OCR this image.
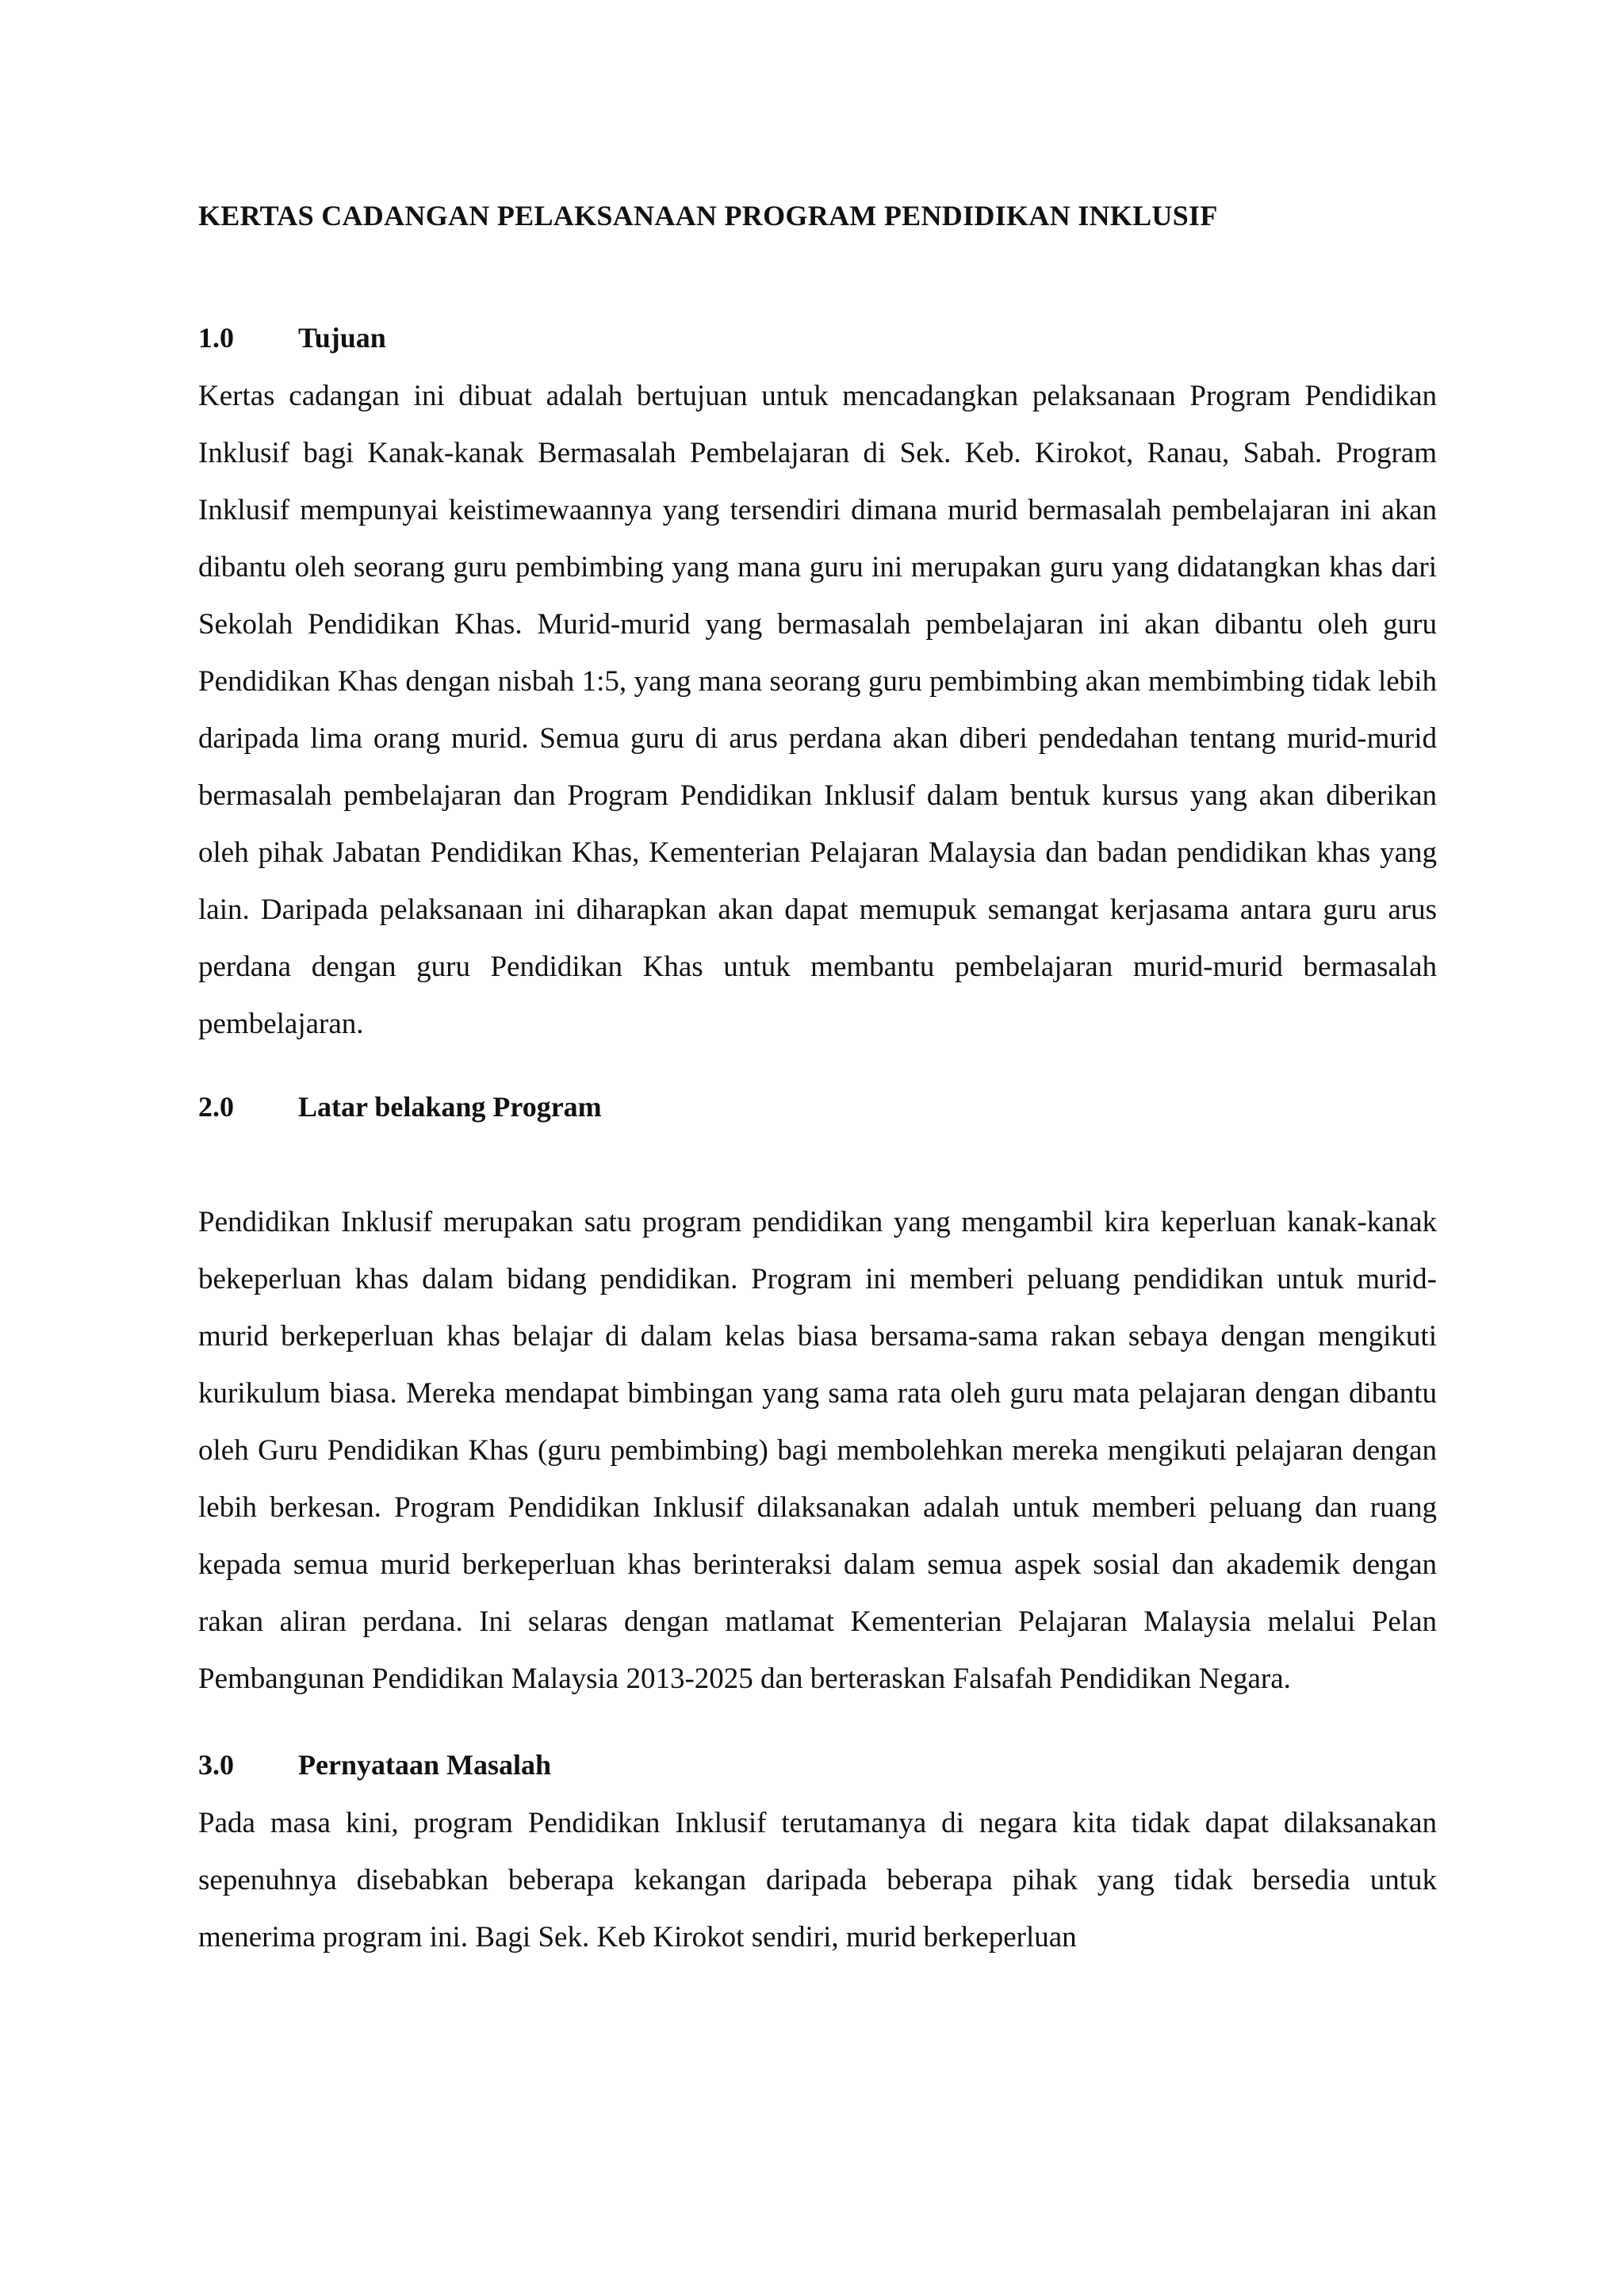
KERTAS CADANGAN PELAKSANAAN PROGRAM PENDIDIKAN INKLUSIF
1.0	Tujuan

Kertas cadangan ini dibuat adalah bertujuan untuk mencadangkan pelaksanaan Program Pendidikan Inklusif bagi Kanak-kanak Bermasalah Pembelajaran di Sek. Keb. Kirokot, Ranau, Sabah. Program Inklusif mempunyai keistimewaannya yang tersendiri dimana murid bermasalah pembelajaran ini akan dibantu oleh seorang guru pembimbing yang mana guru ini merupakan guru yang didatangkan khas dari Sekolah Pendidikan Khas. Murid-murid yang bermasalah pembelajaran ini akan dibantu oleh guru Pendidikan Khas dengan nisbah 1:5, yang mana seorang guru pembimbing akan membimbing tidak lebih daripada lima orang murid. Semua guru di arus perdana akan diberi pendedahan tentang murid-murid bermasalah pembelajaran dan Program Pendidikan Inklusif dalam bentuk kursus yang akan diberikan oleh pihak Jabatan Pendidikan Khas, Kementerian Pelajaran Malaysia dan badan pendidikan khas yang lain. Daripada pelaksanaan ini diharapkan akan dapat memupuk semangat kerjasama antara guru arus perdana dengan guru Pendidikan Khas untuk membantu pembelajaran murid-murid bermasalah pembelajaran.

2.0	Latar belakang Program

Pendidikan Inklusif merupakan satu program pendidikan yang mengambil kira keperluan kanak-kanak bekeperluan khas dalam bidang pendidikan. Program ini memberi peluang pendidikan untuk murid-murid berkeperluan khas belajar di dalam kelas biasa bersama-sama rakan sebaya dengan mengikuti kurikulum biasa. Mereka mendapat bimbingan yang sama rata oleh guru mata pelajaran dengan dibantu oleh Guru Pendidikan Khas (guru pembimbing) bagi membolehkan mereka mengikuti pelajaran dengan lebih berkesan. Program Pendidikan Inklusif dilaksanakan adalah untuk memberi peluang dan ruang kepada semua murid berkeperluan khas berinteraksi dalam semua aspek sosial dan akademik dengan rakan aliran perdana. Ini selaras dengan matlamat Kementerian Pelajaran Malaysia melalui Pelan Pembangunan Pendidikan Malaysia 2013-2025 dan berteraskan Falsafah Pendidikan Negara.

3.0	Pernyataan Masalah

Pada masa kini, program Pendidikan Inklusif terutamanya di negara kita tidak dapat dilaksanakan sepenuhnya disebabkan beberapa kekangan daripada beberapa pihak yang tidak bersedia untuk menerima program ini. Bagi Sek. Keb Kirokot sendiri, murid berkeperluan
